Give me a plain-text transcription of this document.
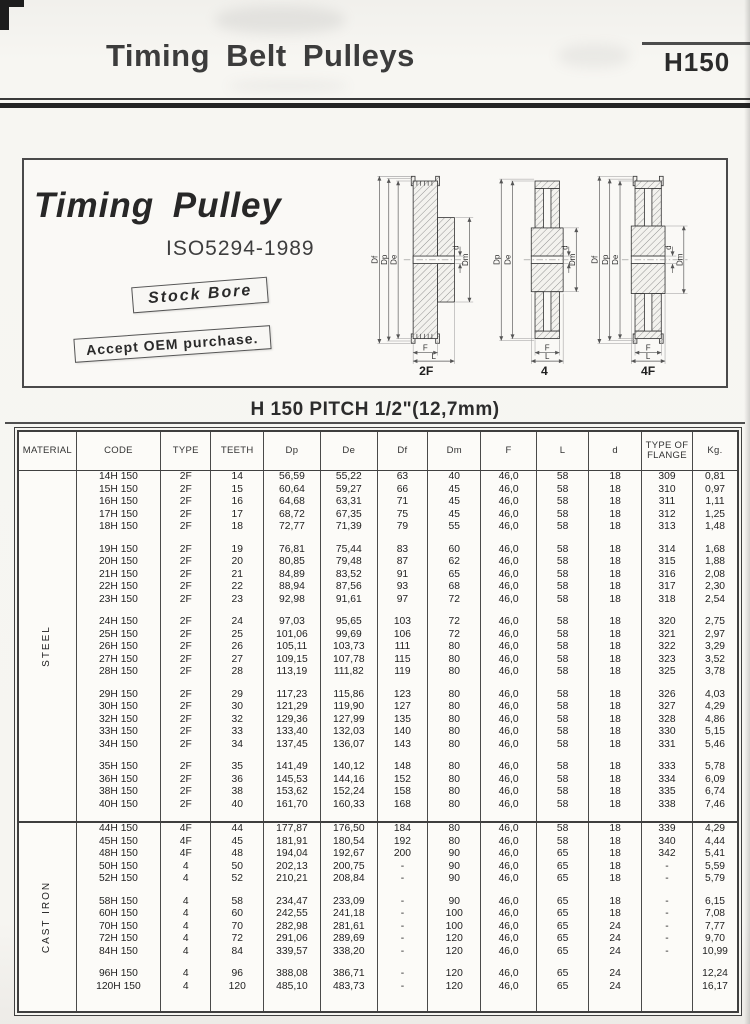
Timing Belt Pulleys	H150
Timing Pulley
ISO5294-1989
Stock Bore
Accept OEM purchase.
Df Dp De
d
Dm
F
L
2F
Dp De
d
Dm
F
L
4
Df Dp De
d
Dm
F
L
4F
H 150 PITCH 1/2"(12,7mm)
MATERIAL	CODE	TYPE	TEETH	Dp	De	Df	Dm	F	L	d	TYPE OF FLANGE	Kg.

STEEL	14H 150	2F	14	56,59	55,22	63	40	46,0	58	18	309	0,81
	15H 150	2F	15	60,64	59,27	66	45	46,0	58	18	310	0,97
	16H 150	2F	16	64,68	63,31	71	45	46,0	58	18	311	1,11
	17H 150	2F	17	68,72	67,35	75	45	46,0	58	18	312	1,25
	18H 150	2F	18	72,77	71,39	79	55	46,0	58	18	313	1,48

	19H 150	2F	19	76,81	75,44	83	60	46,0	58	18	314	1,68
	20H 150	2F	20	80,85	79,48	87	62	46,0	58	18	315	1,88
	21H 150	2F	21	84,89	83,52	91	65	46,0	58	18	316	2,08
	22H 150	2F	22	88,94	87,56	93	68	46,0	58	18	317	2,30
	23H 150	2F	23	92,98	91,61	97	72	46,0	58	18	318	2,54

	24H 150	2F	24	97,03	95,65	103	72	46,0	58	18	320	2,75
	25H 150	2F	25	101,06	99,69	106	72	46,0	58	18	321	2,97
	26H 150	2F	26	105,11	103,73	111	80	46,0	58	18	322	3,29
	27H 150	2F	27	109,15	107,78	115	80	46,0	58	18	323	3,52
	28H 150	2F	28	113,19	111,82	119	80	46,0	58	18	325	3,78

	29H 150	2F	29	117,23	115,86	123	80	46,0	58	18	326	4,03
	30H 150	2F	30	121,29	119,90	127	80	46,0	58	18	327	4,29
	32H 150	2F	32	129,36	127,99	135	80	46,0	58	18	328	4,86
	33H 150	2F	33	133,40	132,03	140	80	46,0	58	18	330	5,15
	34H 150	2F	34	137,45	136,07	143	80	46,0	58	18	331	5,46

	35H 150	2F	35	141,49	140,12	148	80	46,0	58	18	333	5,78
	36H 150	2F	36	145,53	144,16	152	80	46,0	58	18	334	6,09
	38H 150	2F	38	153,62	152,24	158	80	46,0	58	18	335	6,74
	40H 150	2F	40	161,70	160,33	168	80	46,0	58	18	338	7,46

CAST IRON	44H 150	4F	44	177,87	176,50	184	80	46,0	58	18	339	4,29
	45H 150	4F	45	181,91	180,54	192	80	46,0	58	18	340	4,44
	48H 150	4F	48	194,04	192,67	200	90	46,0	65	18	342	5,41
	50H 150	4	50	202,13	200,75	-	90	46,0	65	18	-	5,59
	52H 150	4	52	210,21	208,84	-	90	46,0	65	18	-	5,79

	58H 150	4	58	234,47	233,09	-	90	46,0	65	18	-	6,15
	60H 150	4	60	242,55	241,18	-	100	46,0	65	18	-	7,08
	70H 150	4	70	282,98	281,61	-	100	46,0	65	24	-	7,77
	72H 150	4	72	291,06	289,69	-	120	46,0	65	24	-	9,70
	84H 150	4	84	339,57	338,20	-	120	46,0	65	24	-	10,99

	96H 150	4	96	388,08	386,71	-	120	46,0	65	24		12,24
	120H 150	4	120	485,10	483,73	-	120	46,0	65	24		16,17
